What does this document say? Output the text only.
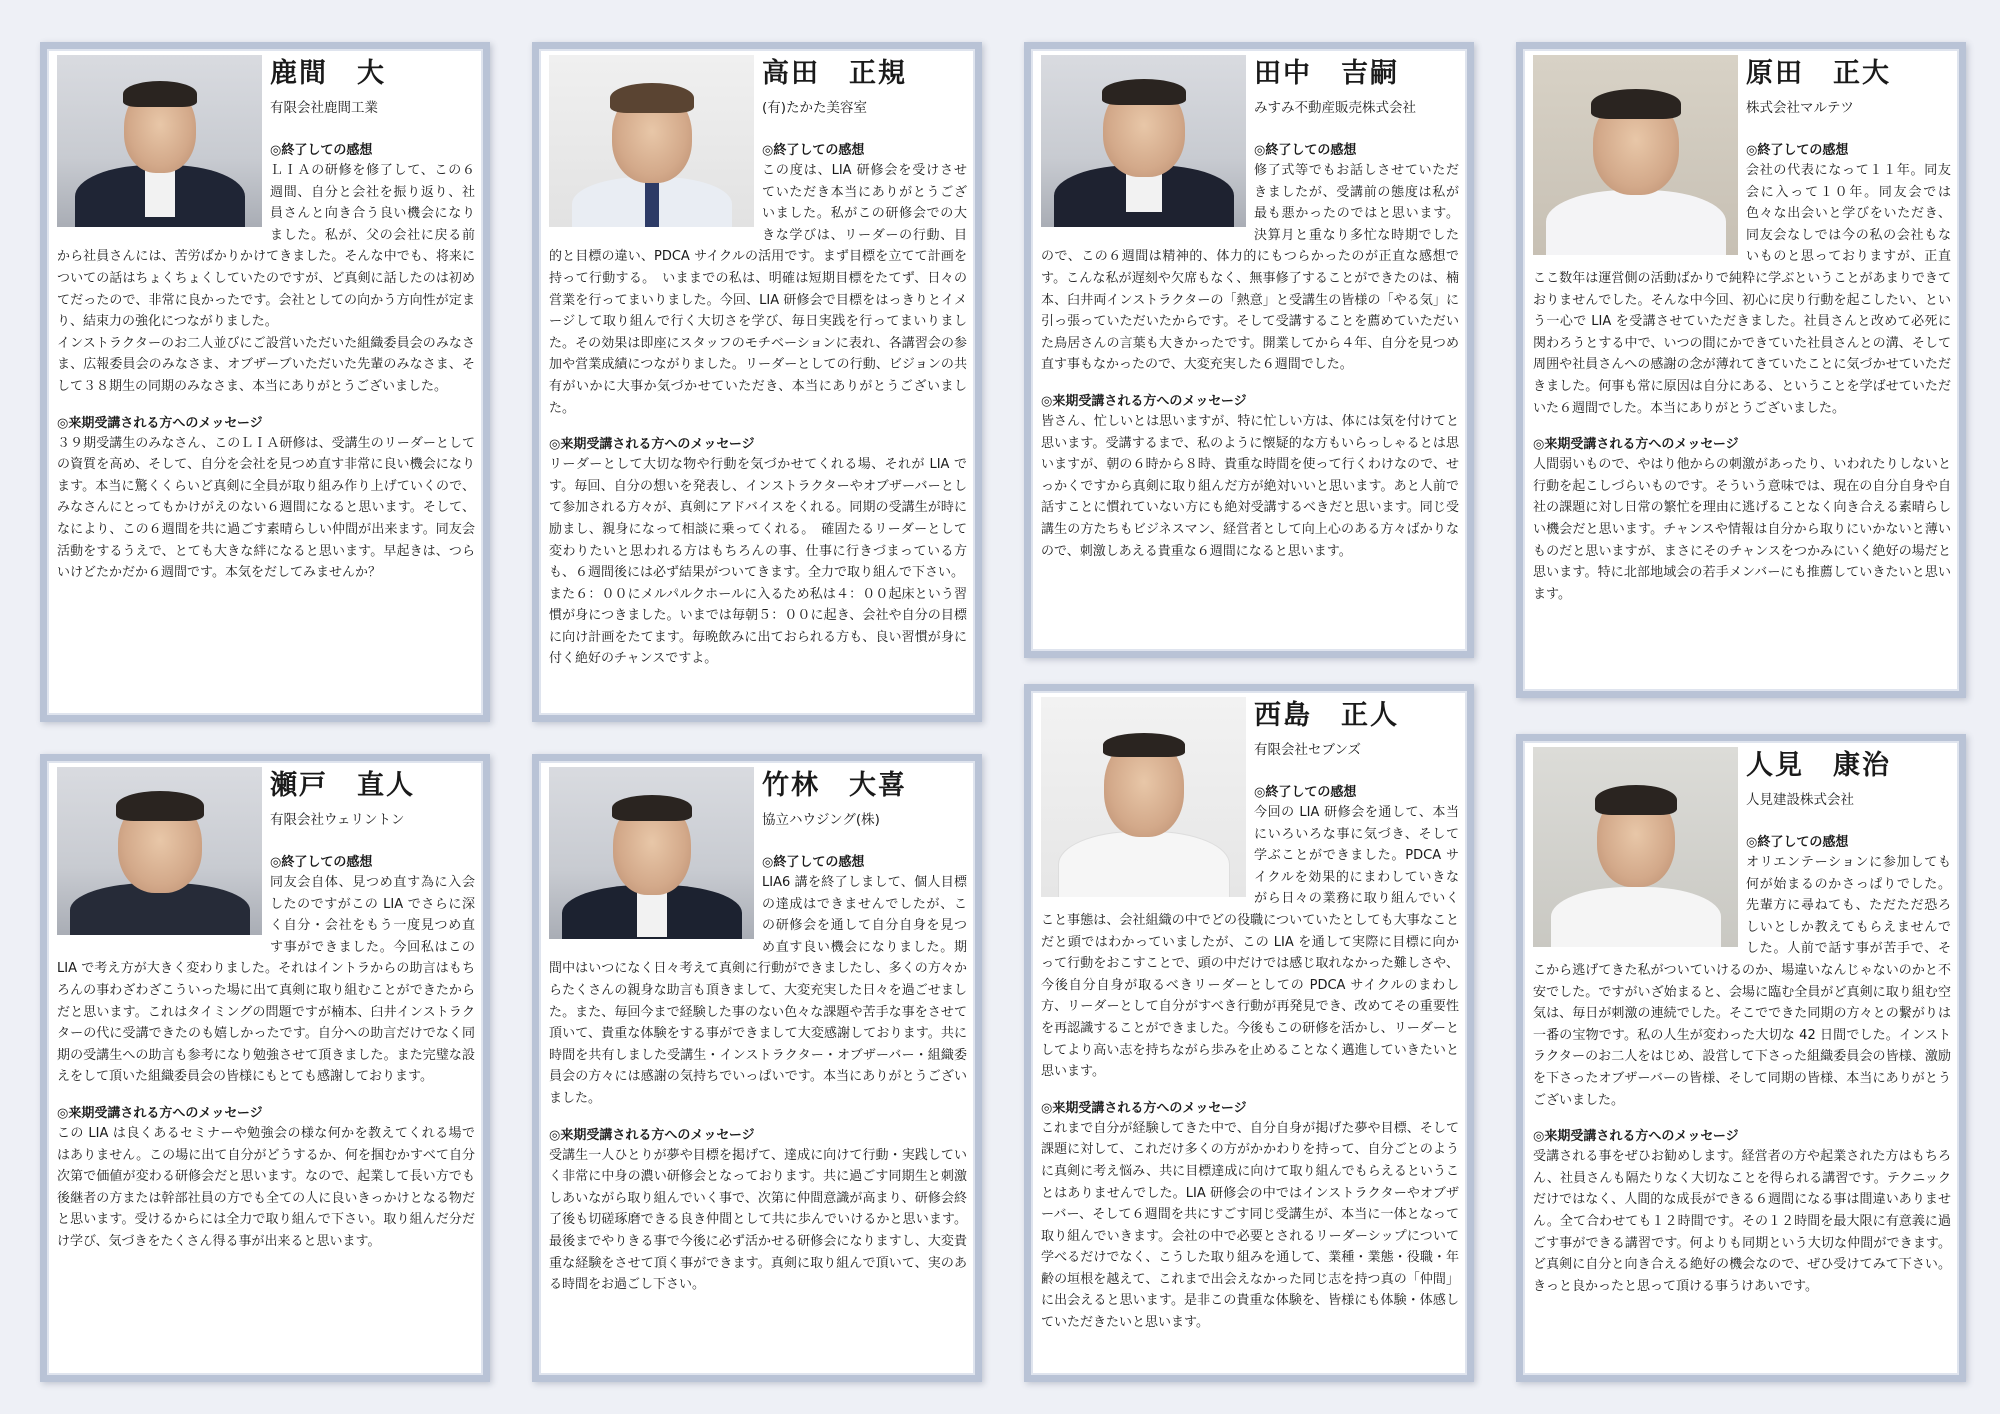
鹿間　大
有限会社鹿間工業
◎終了しての感想
ＬＩＡの研修を修了して、この６週間、自分と会社を振り返り、社員さんと向き合う良い機会になりました。私が、父の会社に戻る前から社員さんには、苦労ばかりかけてきました。そんな中でも、将来についての話はちょくちょくしていたのですが、ど真剣に話したのは初めてだったので、非常に良かったです。会社としての向かう方向性が定まり、結束力の強化につながりました。
インストラクターのお二人並びにご設営いただいた組織委員会のみなさま、広報委員会のみなさま、オブザーブいただいた先輩のみなさま、そして３８期生の同期のみなさま、本当にありがとうございました。
◎来期受講される方へのメッセージ
３９期受講生のみなさん、このＬＩＡ研修は、受講生のリーダーとしての資質を高め、そして、自分を会社を見つめ直す非常に良い機会になります。本当に驚くくらいど真剣に全員が取り組み作り上げていくので、みなさんにとってもかけがえのない６週間になると思います。そして、なにより、この６週間を共に過ごす素晴らしい仲間が出来ます。同友会活動をするうえで、とても大きな絆になると思います。早起きは、つらいけどたかだか６週間です。本気をだしてみませんか？
高田　正規
(有)たかた美容室
◎終了しての感想
この度は、LIA 研修会を受けさせていただき本当にありがとうございました。私がこの研修会での大きな学びは、リーダーの行動、目的と目標の違い、PDCA サイクルの活用です。まず目標を立てて計画を持って行動する。　いままでの私は、明確は短期目標をたてず、日々の営業を行ってまいりました。今回、LIA 研修会で目標をはっきりとイメージして取り組んで行く大切さを学び、毎日実践を行ってまいりました。その効果は即座にスタッフのモチベーションに表れ、各講習会の参加や営業成績につながりました。リーダーとしての行動、ビジョンの共有がいかに大事か気づかせていただき、本当にありがとうございました。
◎来期受講される方へのメッセージ
リーダーとして大切な物や行動を気づかせてくれる場、それが LIA です。毎回、自分の想いを発表し、インストラクターやオブザーバーとして参加される方々が、真剣にアドバイスをくれる。同期の受講生が時に励まし、親身になって相談に乗ってくれる。　確固たるリーダーとして変わりたいと思われる方はもちろんの事、仕事に行きづまっている方も、６週間後には必ず結果がついてきます。全力で取り組んで下さい。
また６：００にメルパルクホールに入るため私は４：００起床という習慣が身につきました。いまでは毎朝５：００に起き、会社や自分の目標に向け計画をたてます。毎晩飲みに出ておられる方も、良い習慣が身に付く絶好のチャンスですよ。
田中　吉嗣
みすみ不動産販売株式会社
◎終了しての感想
修了式等でもお話しさせていただきましたが、受講前の態度は私が最も悪かったのではと思います。決算月と重なり多忙な時期でしたので、この６週間は精神的、体力的にもつらかったのが正直な感想です。こんな私が遅刻や欠席もなく、無事修了することができたのは、楠本、臼井両インストラクターの「熱意」と受講生の皆様の「やる気」に引っ張っていただいたからです。そして受講することを薦めていただいた鳥居さんの言葉も大きかったです。開業してから４年、自分を見つめ直す事もなかったので、大変充実した６週間でした。
◎来期受講される方へのメッセージ
皆さん、忙しいとは思いますが、特に忙しい方は、体には気を付けてと思います。受講するまで、私のように懐疑的な方もいらっしゃるとは思いますが、朝の６時から８時、貴重な時間を使って行くわけなので、せっかくですから真剣に取り組んだ方が絶対いいと思います。あと人前で話すことに慣れていない方にも絶対受講するべきだと思います。同じ受講生の方たちもビジネスマン、経営者として向上心のある方々ばかりなので、刺激しあえる貴重な６週間になると思います。
原田　正大
株式会社マルテツ
◎終了しての感想
会社の代表になって１１年。同友会に入って１０年。同友会では色々な出会いと学びをいただき、同友会なしでは今の私の会社もないものと思っておりますが、正直ここ数年は運営側の活動ばかりで純粋に学ぶということがあまりできておりませんでした。そんな中今回、初心に戻り行動を起こしたい、という一心で LIA を受講させていただきました。社員さんと改めて必死に関わろうとする中で、いつの間にかできていた社員さんとの溝、そして周囲や社員さんへの感謝の念が薄れてきていたことに気づかせていただきました。何事も常に原因は自分にある、ということを学ばせていただいた６週間でした。本当にありがとうございました。
◎来期受講される方へのメッセージ
人間弱いもので、やはり他からの刺激があったり、いわれたりしないと行動を起こしづらいものです。そういう意味では、現在の自分自身や自社の課題に対し日常の繁忙を理由に逃げることなく向き合える素晴らしい機会だと思います。チャンスや情報は自分から取りにいかないと薄いものだと思いますが、まさにそのチャンスをつかみにいく絶好の場だと思います。特に北部地域会の若手メンバーにも推薦していきたいと思います。
瀬戸　直人
有限会社ウェリントン
◎終了しての感想
同友会自体、見つめ直す為に入会したのですがこの LIA でさらに深く自分・会社をもう一度見つめ直す事ができました。今回私はこの LIA で考え方が大きく変わりました。それはイントラからの助言はもちろんの事わざわざこういった場に出て真剣に取り組むことができたからだと思います。これはタイミングの問題ですが楠本、臼井インストラクターの代に受講できたのも嬉しかったです。自分への助言だけでなく同期の受講生への助言も参考になり勉強させて頂きました。また完璧な設えをして頂いた組織委員会の皆様にもとても感謝しております。
◎来期受講される方へのメッセージ
この LIA は良くあるセミナーや勉強会の様な何かを教えてくれる場ではありません。この場に出て自分がどうするか、何を掴むかすべて自分次第で価値が変わる研修会だと思います。なので、起業して長い方でも後継者の方または幹部社員の方でも全ての人に良いきっかけとなる物だと思います。受けるからには全力で取り組んで下さい。取り組んだ分だけ学び、気づきをたくさん得る事が出来ると思います。
竹林　大喜
協立ハウジング(株)
◎終了しての感想
LIA6 講を終了しまして、個人目標の達成はできませんでしたが、この研修会を通して自分自身を見つめ直す良い機会になりました。期間中はいつになく日々考えて真剣に行動ができましたし、多くの方々からたくさんの親身な助言も頂きまして、大変充実した日々を過ごせました。また、毎回今まで経験した事のない色々な課題や苦手な事をさせて頂いて、貴重な体験をする事ができまして大変感謝しております。共に時間を共有しました受講生・インストラクター・オブザーバー・組織委員会の方々には感謝の気持ちでいっぱいです。本当にありがとうございました。
◎来期受講される方へのメッセージ
受講生一人ひとりが夢や目標を掲げて、達成に向けて行動・実践していく非常に中身の濃い研修会となっております。共に過ごす同期生と刺激しあいながら取り組んでいく事で、次第に仲間意識が高まり、研修会終了後も切磋琢磨できる良き仲間として共に歩んでいけるかと思います。最後までやりきる事で今後に必ず活かせる研修会になりますし、大変貴重な経験をさせて頂く事ができます。真剣に取り組んで頂いて、実のある時間をお過ごし下さい。
西島　正人
有限会社セブンズ
◎終了しての感想
今回の LIA 研修会を通して、本当にいろいろな事に気づき、そして学ぶことができました。PDCA サイクルを効果的にまわしていきながら日々の業務に取り組んでいくこと事態は、会社組織の中でどの役職についていたとしても大事なことだと頭ではわかっていましたが、この LIA を通して実際に目標に向かって行動をおこすことで、頭の中だけでは感じ取れなかった難しさや、今後自分自身が取るべきリーダーとしての PDCA サイクルのまわし方、リーダーとして自分がすべき行動が再発見でき、改めてその重要性を再認識することができました。今後もこの研修を活かし、リーダーとしてより高い志を持ちながら歩みを止めることなく邁進していきたいと思います。
◎来期受講される方へのメッセージ
これまで自分が経験してきた中で、自分自身が掲げた夢や目標、そして課題に対して、これだけ多くの方がかかわりを持って、自分ごとのように真剣に考え悩み、共に目標達成に向けて取り組んでもらえるということはありませんでした。LIA 研修会の中ではインストラクターやオブザーバー、そして６週間を共にすごす同じ受講生が、本当に一体となって取り組んでいきます。会社の中で必要とされるリーダーシップについて学べるだけでなく、こうした取り組みを通して、業種・業態・役職・年齢の垣根を越えて、これまで出会えなかった同じ志を持つ真の「仲間」に出会えると思います。是非この貴重な体験を、皆様にも体験・体感していただきたいと思います。
人見　康治
人見建設株式会社
◎終了しての感想
オリエンテーションに参加しても何が始まるのかさっぱりでした。先輩方に尋ねても、ただただ恐ろしいとしか教えてもらえませんでした。人前で話す事が苦手で、そこから逃げてきた私がついていけるのか、場違いなんじゃないのかと不安でした。ですがいざ始まると、会場に臨む全員がど真剣に取り組む空気は、毎日が刺激の連続でした。そこでできた同期の方々との繋がりは一番の宝物です。私の人生が変わった大切な 42 日間でした。インストラクターのお二人をはじめ、設営して下さった組織委員会の皆様、激励を下さったオブザーバーの皆様、そして同期の皆様、本当にありがとうございました。
◎来期受講される方へのメッセージ
受講される事をぜひお勧めします。経営者の方や起業された方はもちろん、社員さんも隔たりなく大切なことを得られる講習です。テクニックだけではなく、人間的な成長ができる６週間になる事は間違いありません。全て合わせても１２時間です。その１２時間を最大限に有意義に過ごす事ができる講習です。何よりも同期という大切な仲間ができます。ど真剣に自分と向き合える絶好の機会なので、ぜひ受けてみて下さい。きっと良かったと思って頂ける事うけあいです。
